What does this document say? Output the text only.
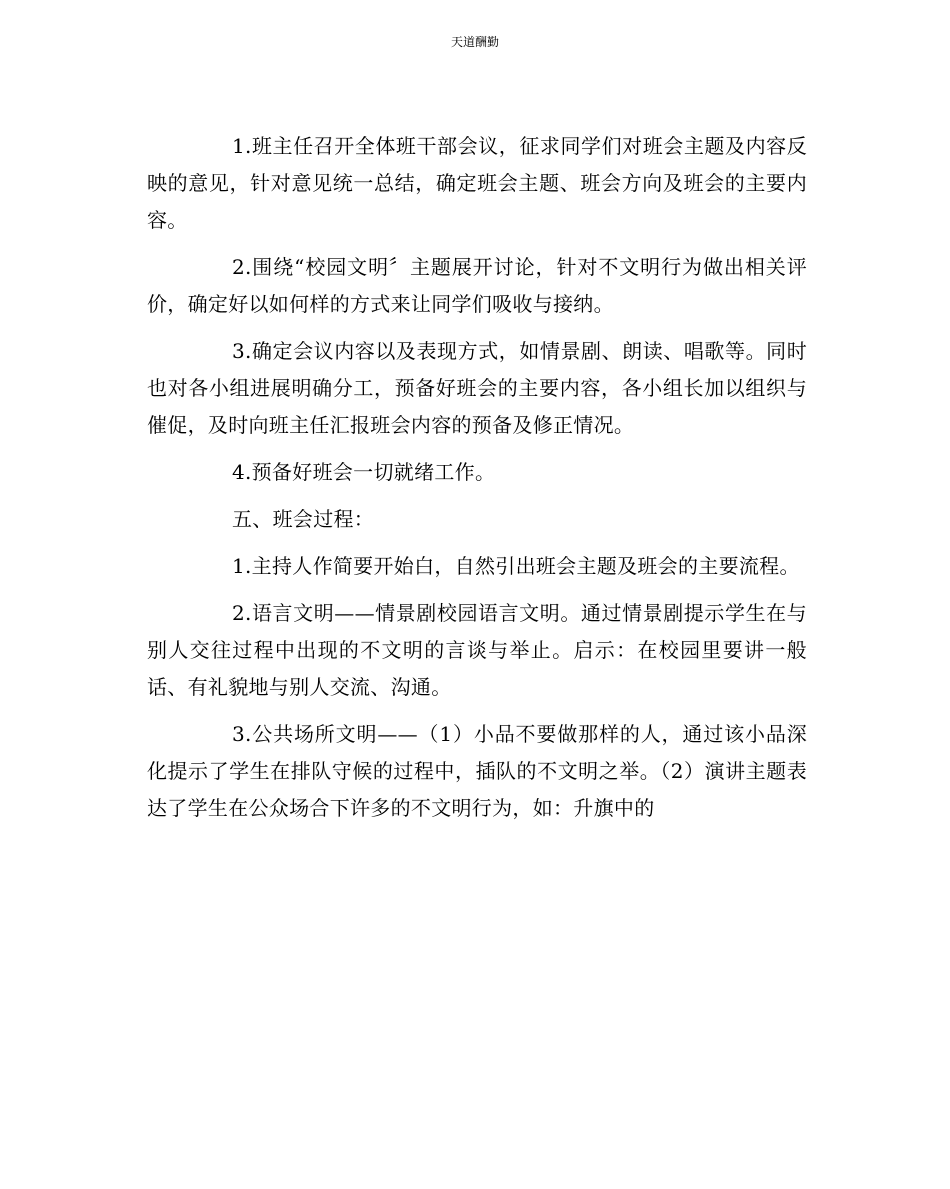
天道酬勤

1.班主任召开全体班干部会议，征求同学们对班会主题及内容反映的意见，针对意见统一总结，确定班会主题、班会方向及班会的主要内容。

2.围绕“校园文明〞主题展开讨论，针对不文明行为做出相关评价，确定好以如何样的方式来让同学们吸收与接纳。

3.确定会议内容以及表现方式，如情景剧、朗读、唱歌等。同时也对各小组进展明确分工，预备好班会的主要内容，各小组长加以组织与催促，及时向班主任汇报班会内容的预备及修正情况。

4.预备好班会一切就绪工作。

五、班会过程：

1.主持人作简要开始白，自然引出班会主题及班会的主要流程。

2.语言文明——情景剧校园语言文明。通过情景剧提示学生在与别人交往过程中出现的不文明的言谈与举止。启示：在校园里要讲一般话、有礼貌地与别人交流、沟通。

3.公共场所文明——（1）小品不要做那样的人，通过该小品深化提示了学生在排队守候的过程中，插队的不文明之举。（2）演讲主题表达了学生在公众场合下许多的不文明行为，如：升旗中的
